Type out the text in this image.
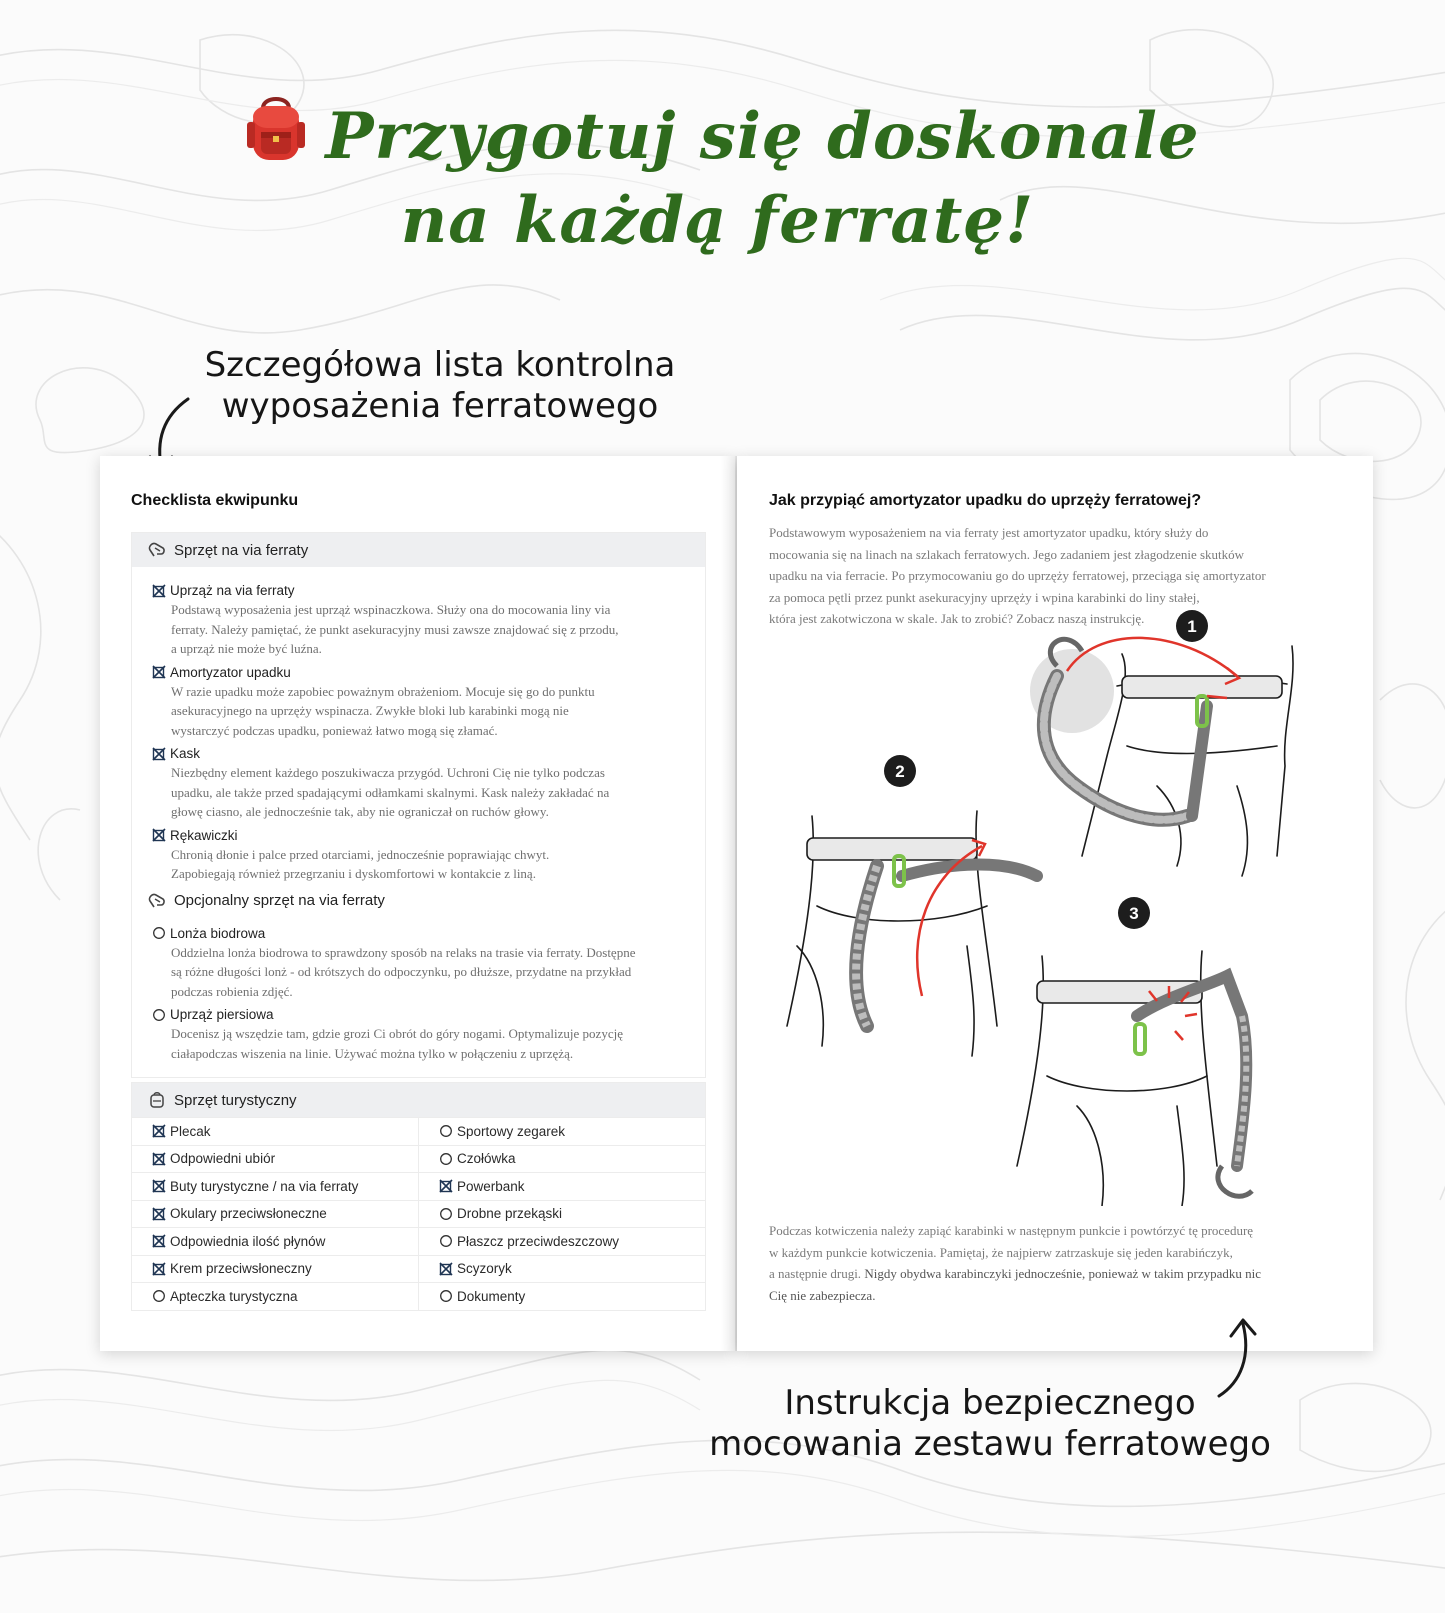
Przygotuj się doskonale
na każdą ferratę!
Szczegółowa lista kontrolna
wyposażenia ferratowego
Checklista ekwipunku
Sprzęt na via ferraty
Uprząż na via ferraty
Podstawą wyposażenia jest uprząż wspinaczkowa. Służy ona do mocowania liny via
ferraty. Należy pamiętać, że punkt asekuracyjny musi zawsze znajdować się z przodu,
a uprząż nie może być luźna.
Amortyzator upadku
W razie upadku może zapobiec poważnym obrażeniom. Mocuje się go do punktu
asekuracyjnego na uprzęży wspinacza. Zwykłe bloki lub karabinki mogą nie
wystarczyć podczas upadku, ponieważ łatwo mogą się złamać.
Kask
Niezbędny element każdego poszukiwacza przygód. Uchroni Cię nie tylko podczas
upadku, ale także przed spadającymi odłamkami skalnymi. Kask należy zakładać na
głowę ciasno, ale jednocześnie tak, aby nie ograniczał on ruchów głowy.
Rękawiczki
Chronią dłonie i palce przed otarciami, jednocześnie poprawiając chwyt.
Zapobiegają również przegrzaniu i dyskomfortowi w kontakcie z liną.
Opcjonalny sprzęt na via ferraty
Lonża biodrowa
Oddzielna lonża biodrowa to sprawdzony sposób na relaks na trasie via ferraty. Dostępne
są różne długości lonż - od krótszych do odpoczynku, po dłuższe, przydatne na przykład
podczas robienia zdjęć.
Uprząż piersiowa
Docenisz ją wszędzie tam, gdzie grozi Ci obrót do góry nogami. Optymalizuje pozycję
ciałapodczas wiszenia na linie. Używać można tylko w połączeniu z uprzężą.
Sprzęt turystyczny
Plecak	Sportowy zegarek
Odpowiedni ubiór	Czołówka
Buty turystyczne / na via ferraty	Powerbank
Okulary przeciwsłoneczne	Drobne przekąski
Odpowiednia ilość płynów	Płaszcz przeciwdeszczowy
Krem przeciwsłoneczny	Scyzoryk
Apteczka turystyczna	Dokumenty
Jak przypiąć amortyzator upadku do uprzęży ferratowej?
Podstawowym wyposażeniem na via ferraty jest amortyzator upadku, który służy do
mocowania się na linach na szlakach ferratowych. Jego zadaniem jest złagodzenie skutków
upadku na via ferracie. Po przymocowaniu go do uprzęży ferratowej, przeciąga się amortyzator
za pomoca pętli przez punkt asekuracyjny uprzęży i wpina karabinki do liny stałej,
która jest zakotwiczona w skale. Jak to zrobić? Zobacz naszą instrukcję.	1
2
3
Podczas kotwiczenia należy zapiąć karabinki w następnym punkcie i powtórzyć tę procedurę
w każdym punkcie kotwiczenia. Pamiętaj, że najpierw zatrzaskuje się jeden karabińczyk,
a następnie drugi. Nigdy obydwa karabinczyki jednocześnie, ponieważ w takim przypadku nic
Cię nie zabezpiecza.
Instrukcja bezpiecznego
mocowania zestawu ferratowego
